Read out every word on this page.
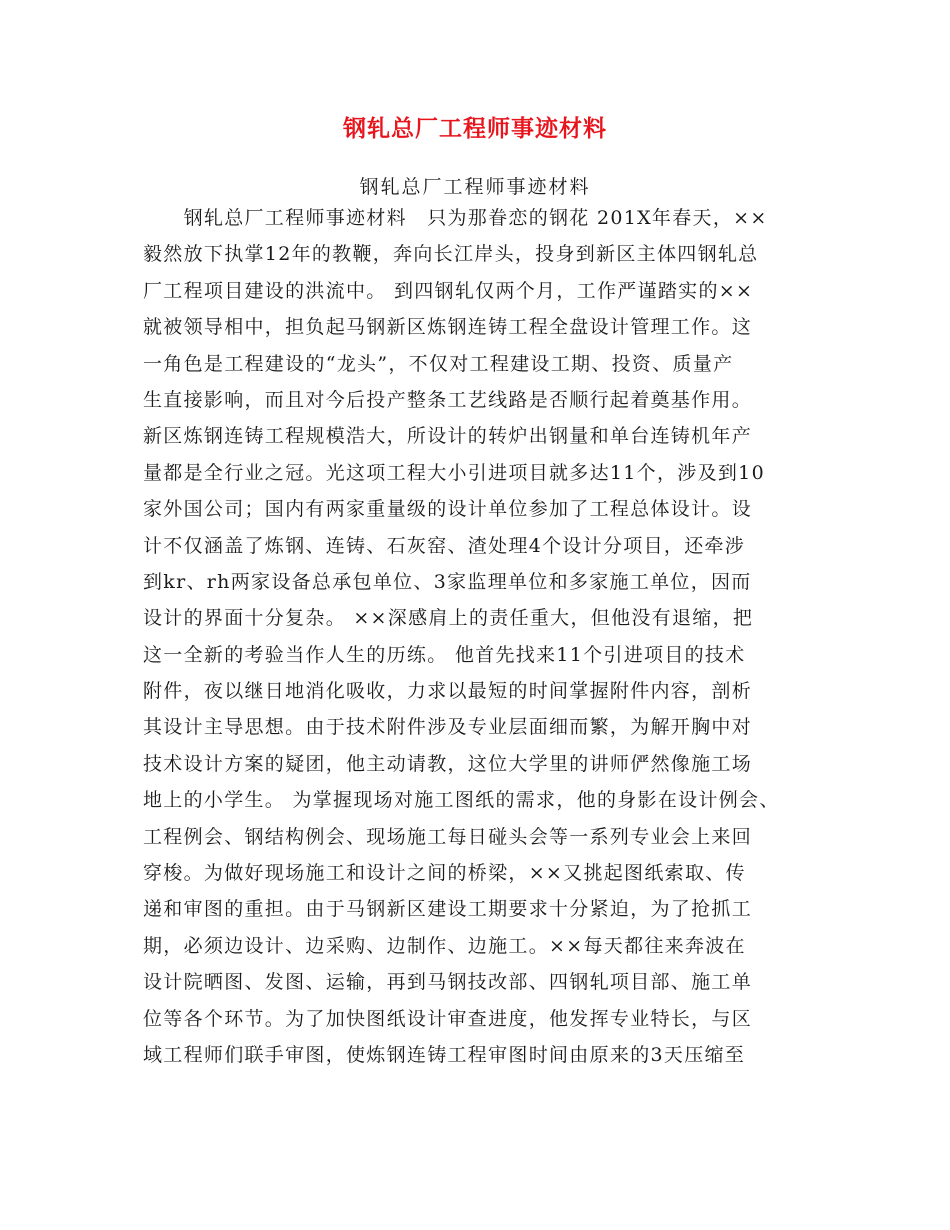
钢轧总厂工程师事迹材料
钢轧总厂工程师事迹材料
　　钢轧总厂工程师事迹材料　只为那眷恋的钢花 201X年春天，××
毅然放下执掌12年的教鞭，奔向长江岸头，投身到新区主体四钢轧总
厂工程项目建设的洪流中。 到四钢轧仅两个月，工作严谨踏实的××
就被领导相中，担负起马钢新区炼钢连铸工程全盘设计管理工作。这
一角色是工程建设的“龙头”，不仅对工程建设工期、投资、质量产
生直接影响，而且对今后投产整条工艺线路是否顺行起着奠基作用。
新区炼钢连铸工程规模浩大，所设计的转炉出钢量和单台连铸机年产
量都是全行业之冠。光这项工程大小引进项目就多达11个，涉及到10
家外国公司；国内有两家重量级的设计单位参加了工程总体设计。设
计不仅涵盖了炼钢、连铸、石灰窑、渣处理4个设计分项目，还牵涉
到kr、rh两家设备总承包单位、3家监理单位和多家施工单位，因而
设计的界面十分复杂。 ××深感肩上的责任重大，但他没有退缩，把
这一全新的考验当作人生的历练。 他首先找来11个引进项目的技术
附件，夜以继日地消化吸收，力求以最短的时间掌握附件内容，剖析
其设计主导思想。由于技术附件涉及专业层面细而繁，为解开胸中对
技术设计方案的疑团，他主动请教，这位大学里的讲师俨然像施工场
地上的小学生。 为掌握现场对施工图纸的需求，他的身影在设计例会、
工程例会、钢结构例会、现场施工每日碰头会等一系列专业会上来回
穿梭。为做好现场施工和设计之间的桥梁，××又挑起图纸索取、传
递和审图的重担。由于马钢新区建设工期要求十分紧迫，为了抢抓工
期，必须边设计、边采购、边制作、边施工。××每天都往来奔波在
设计院晒图、发图、运输，再到马钢技改部、四钢轧项目部、施工单
位等各个环节。为了加快图纸设计审查进度，他发挥专业特长，与区
域工程师们联手审图，使炼钢连铸工程审图时间由原来的3天压缩至
